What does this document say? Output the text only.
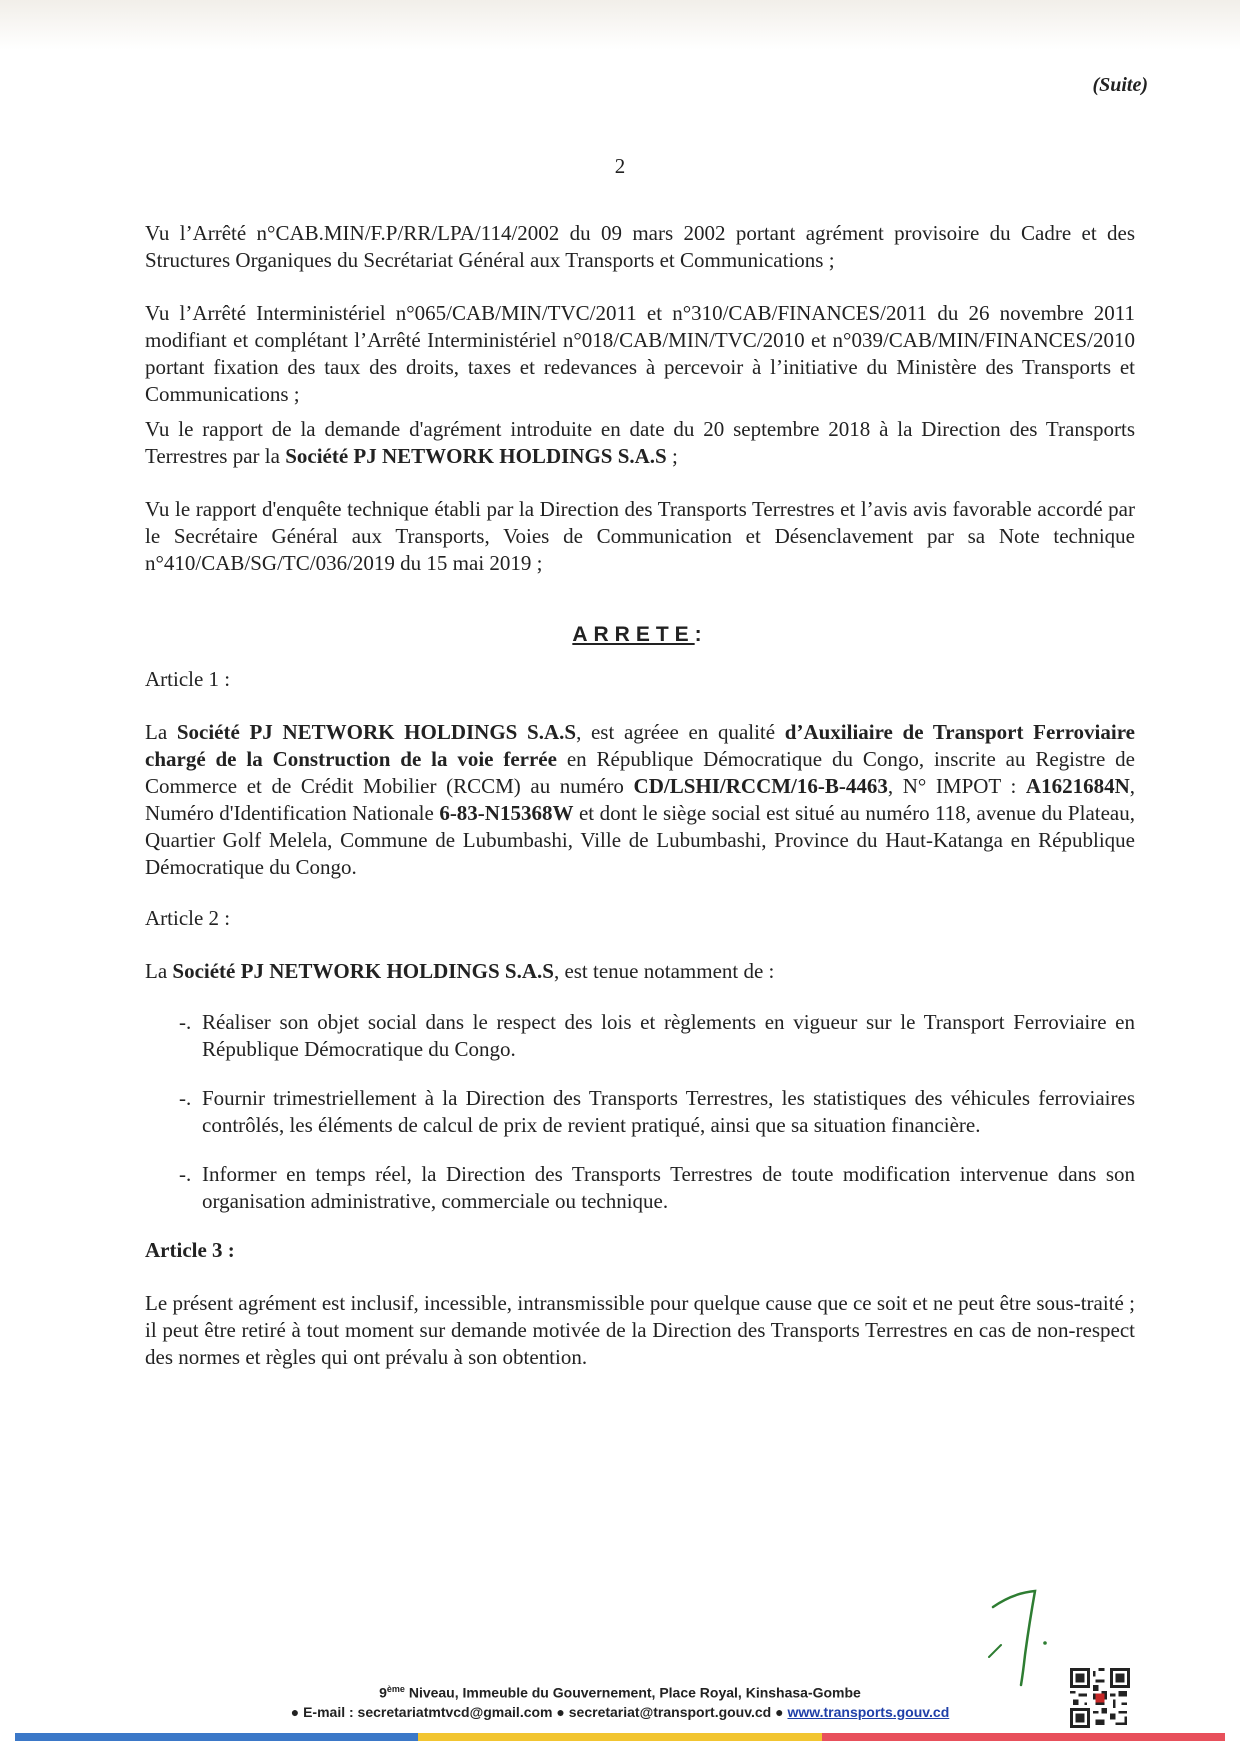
(Suite)
2

Vu l’Arrêté n°CAB.MIN/F.P/RR/LPA/114/2002 du 09 mars 2002 portant agrément provisoire du Cadre et des Structures Organiques du Secrétariat Général aux Transports et Communications ;

Vu l’Arrêté Interministériel n°065/CAB/MIN/TVC/2011 et n°310/CAB/FINANCES/2011 du 26 novembre 2011 modifiant et complétant l’Arrêté Interministériel n°018/CAB/MIN/TVC/2010 et n°039/CAB/MIN/FINANCES/2010 portant fixation des taux des droits, taxes et redevances à percevoir à l’initiative du Ministère des Transports et Communications ;

Vu le rapport de la demande d'agrément introduite en date du 20 septembre 2018 à la Direction des Transports Terrestres par la Société PJ NETWORK HOLDINGS S.A.S ;

Vu le rapport d'enquête technique établi par la Direction des Transports Terrestres et l’avis avis favorable accordé par le Secrétaire Général aux Transports, Voies de Communication et Désenclavement par sa Note technique n°410/CAB/SG/TC/036/2019 du 15 mai 2019 ;

ARRETE:

Article 1 :

La Société PJ NETWORK HOLDINGS S.A.S, est agréee en qualité d’Auxiliaire de Transport Ferroviaire chargé de la Construction de la voie ferrée en République Démocratique du Congo, inscrite au Registre de Commerce et de Crédit Mobilier (RCCM) au numéro CD/LSHI/RCCM/16-B-4463, N° IMPOT : A1621684N, Numéro d'Identification Nationale 6-83-N15368W et dont le siège social est situé au numéro 118, avenue du Plateau, Quartier Golf Melela, Commune de Lubumbashi, Ville de Lubumbashi, Province du Haut-Katanga en République Démocratique du Congo.

Article 2 :

La Société PJ NETWORK HOLDINGS S.A.S, est tenue notamment de :

-. Réaliser son objet social dans le respect des lois et règlements en vigueur sur le Transport Ferroviaire en République Démocratique du Congo.
-. Fournir trimestriellement à la Direction des Transports Terrestres, les statistiques des véhicules ferroviaires contrôlés, les éléments de calcul de prix de revient pratiqué, ainsi que sa situation financière.
-. Informer en temps réel, la Direction des Transports Terrestres de toute modification intervenue dans son organisation administrative, commerciale ou technique.

Article 3 :

Le présent agrément est inclusif, incessible, intransmissible pour quelque cause que ce soit et ne peut être sous-traité ; il peut être retiré à tout moment sur demande motivée de la Direction des Transports Terrestres en cas de non-respect des normes et règles qui ont prévalu à son obtention.

9ème Niveau, Immeuble du Gouvernement, Place Royal, Kinshasa-Gombe
● E-mail : secretariatmtvcd@gmail.com ● secretariat@transport.gouv.cd ● www.transports.gouv.cd
